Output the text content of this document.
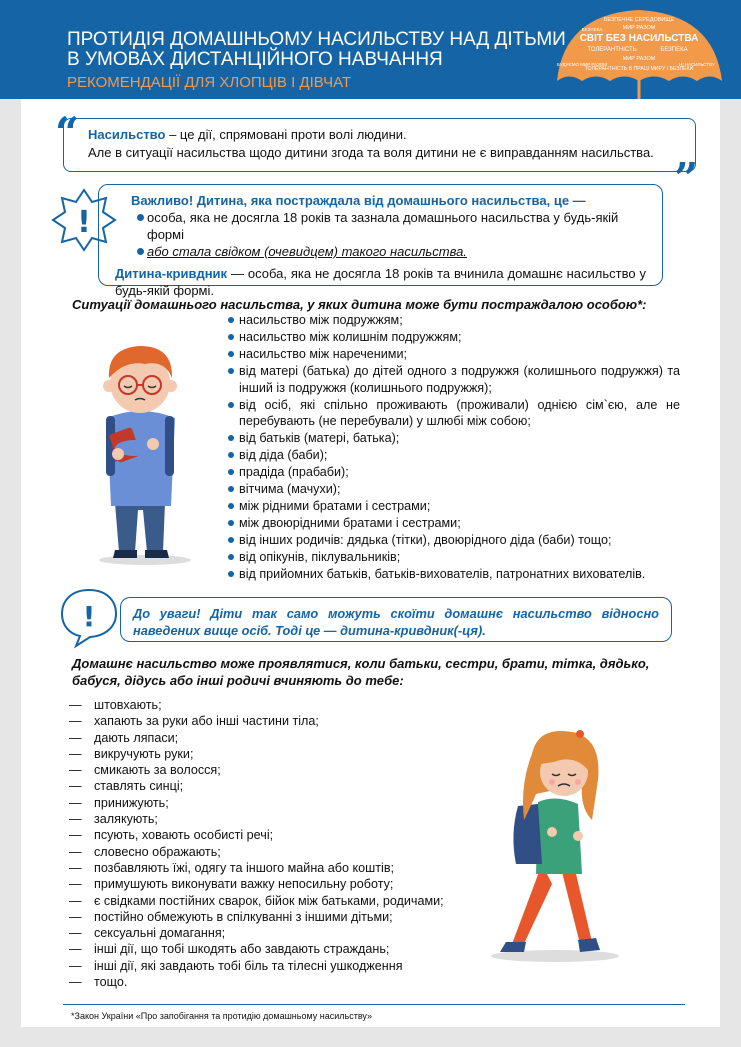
ПРОТИДІЯ ДОМАШНЬОМУ НАСИЛЬСТВУ НАД ДІТЬМИ В УМОВАХ ДИСТАНЦІЙНОГО НАВЧАННЯ
РЕКОМЕНДАЦІЇ ДЛЯ ХЛОПЦІВ І ДІВЧАТ
БЕЗПЕЧНЕ СЕРЕДОВИЩЕ
МИР РАЗОМ
СВІТ БЕЗ НАСИЛЬСТВА
ТОЛЕРАНТНІСТЬ	БЕЗПЕКА
МИР РАЗОМ
ТОЛЕРАНТНІСТЬ В ПРАЦІ МИРУ І БЕЗПЕКИ
БУДУЄМО МИР РАЗОМ	НІ НАСИЛЬСТВУ
БЕЗПЕКА
“ Насильство – це дії, спрямовані проти волі людини.
Але в ситуації насильства щодо дитини згода та воля дитини не є виправданням насильства.
”
!
Важливо! Дитина, яка постраждала від домашнього насильства, це —
особа, яка не досягла 18 років та зазнала домашнього насильства у будь-якій формі
або стала свідком (очевидцем) такого насильства.
Дитина-кривдник — особа, яка не досягла 18 років та вчинила домашнє насильство у будь-якій формі.
Ситуації домашнього насильства, у яких дитина може бути постраждалою особою*:
насильство між подружжям;
насильство між колишнім подружжям;
насильство між нареченими;
від матері (батька) до дітей одного з подружжя (колишнього подружжя) та інший із подружжя (колишнього подружжя);
від осіб, які спільно проживають (проживали) однією сім`єю, але не перебувають (не перебували) у шлюбі між собою;
від батьків (матері, батька);
від діда (баби);
прадіда (прабаби);
вітчима (мачухи);
між рідними братами і сестрами;
між двоюрідними братами і сестрами;
від інших родичів: дядька (тітки), двоюрідного діда (баби) тощо;
від опікунів, піклувальників;
від прийомних батьків, батьків-вихователів, патронатних вихователів.
!	До уваги! Діти так само можуть скоїти домашнє насильство відносно наведених вище осіб. Тоді це — дитина-кривдник(-ця).
Домашнє насильство може проявлятися, коли батьки, сестри, брати, тітка, дядько, бабуся, дідусь або інші родичі вчиняють до тебе:
— штовхають;
— хапають за руки або інші частини тіла;
— дають ляпаси;
— викручують руки;
— смикають за волосся;
— ставлять синці;
— принижують;
— залякують;
— псують, ховають особисті речі;
— словесно ображають;
— позбавляють їжі, одягу та іншого майна або коштів;
— примушують виконувати важку непосильну роботу;
— є свідками постійних сварок, бійок між батьками, родичами;
— постійно обмежують в спілкуванні з іншими дітьми;
— сексуальні домагання;
— інші дії, що тобі шкодять або завдають страждань;
— інші дії, які завдають тобі біль та тілесні ушкодження
— тощо.
*Закон України «Про запобігання та протидію домашньому насильству»
